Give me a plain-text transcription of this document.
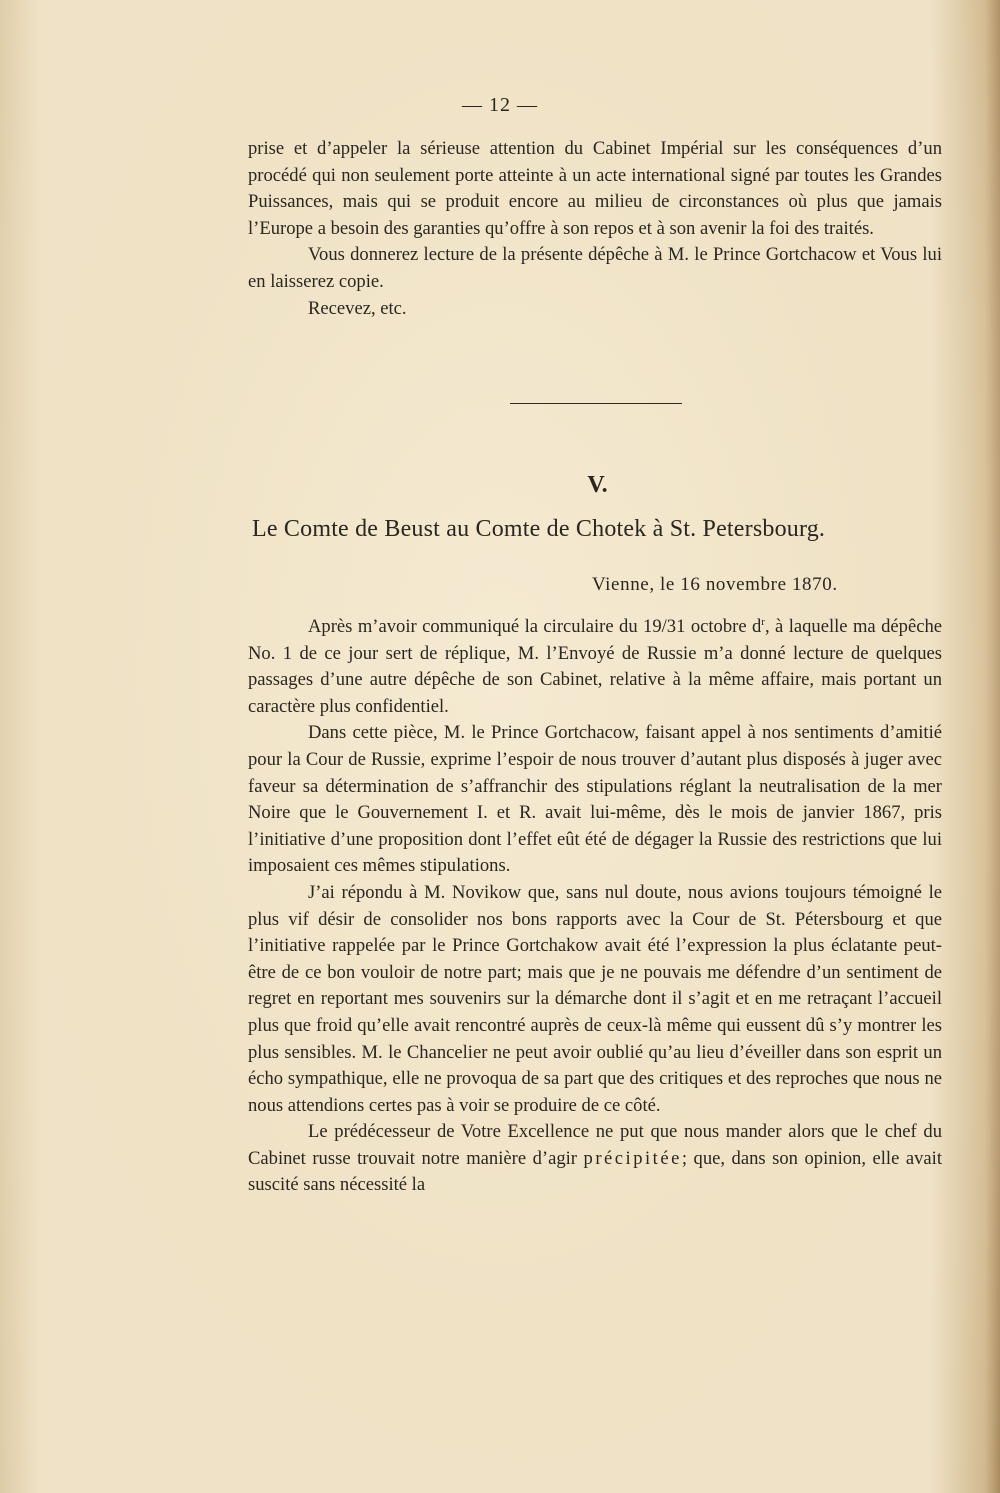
— 12 —

prise et d’appeler la sérieuse attention du Cabinet Impérial sur les conséquences d’un procédé qui non seulement porte atteinte à un acte international signé par toutes les Grandes Puissances, mais qui se produit encore au milieu de circonstances où plus que jamais l’Europe a besoin des garanties qu’offre à son repos et à son avenir la foi des traités.

Vous donnerez lecture de la présente dépêche à M. le Prince Gortchacow et Vous lui en laisserez copie.

Recevez, etc.

V.
Le Comte de Beust au Comte de Chotek à St. Petersbourg.
Vienne, le 16 novembre 1870.

Après m’avoir communiqué la circulaire du 19/31 octobre $d^r$, à laquelle ma dépêche No. 1 de ce jour sert de réplique, M. l’Envoyé de Russie m’a donné lecture de quelques passages d’une autre dépêche de son Cabinet, relative à la même affaire, mais portant un caractère plus confidentiel.

Dans cette pièce, M. le Prince Gortchacow, faisant appel à nos sentiments d’amitié pour la Cour de Russie, exprime l’espoir de nous trouver d’autant plus disposés à juger avec faveur sa détermination de s’affranchir des stipulations réglant la neutralisation de la mer Noire que le Gouvernement I. et R. avait lui-même, dès le mois de janvier 1867, pris l’initiative d’une proposition dont l’effet eût été de dégager la Russie des restrictions que lui imposaient ces mêmes stipulations.

J’ai répondu à M. Novikow que, sans nul doute, nous avions toujours témoigné le plus vif désir de consolider nos bons rapports avec la Cour de St. Pétersbourg et que l’initiative rappelée par le Prince Gortchakow avait été l’expression la plus éclatante peut-être de ce bon vouloir de notre part; mais que je ne pouvais me défendre d’un sentiment de regret en reportant mes souvenirs sur la démarche dont il s’agit et en me retraçant l’accueil plus que froid qu’elle avait rencontré auprès de ceux-là même qui eussent dû s’y montrer les plus sensibles. M. le Chancelier ne peut avoir oublié qu’au lieu d’éveiller dans son esprit un écho sympathique, elle ne provoqua de sa part que des critiques et des reproches que nous ne nous attendions certes pas à voir se produire de ce côté.

Le prédécesseur de Votre Excellence ne put que nous mander alors que le chef du Cabinet russe trouvait notre manière d’agir précipitée; que, dans son opinion, elle avait suscité sans nécessité la
